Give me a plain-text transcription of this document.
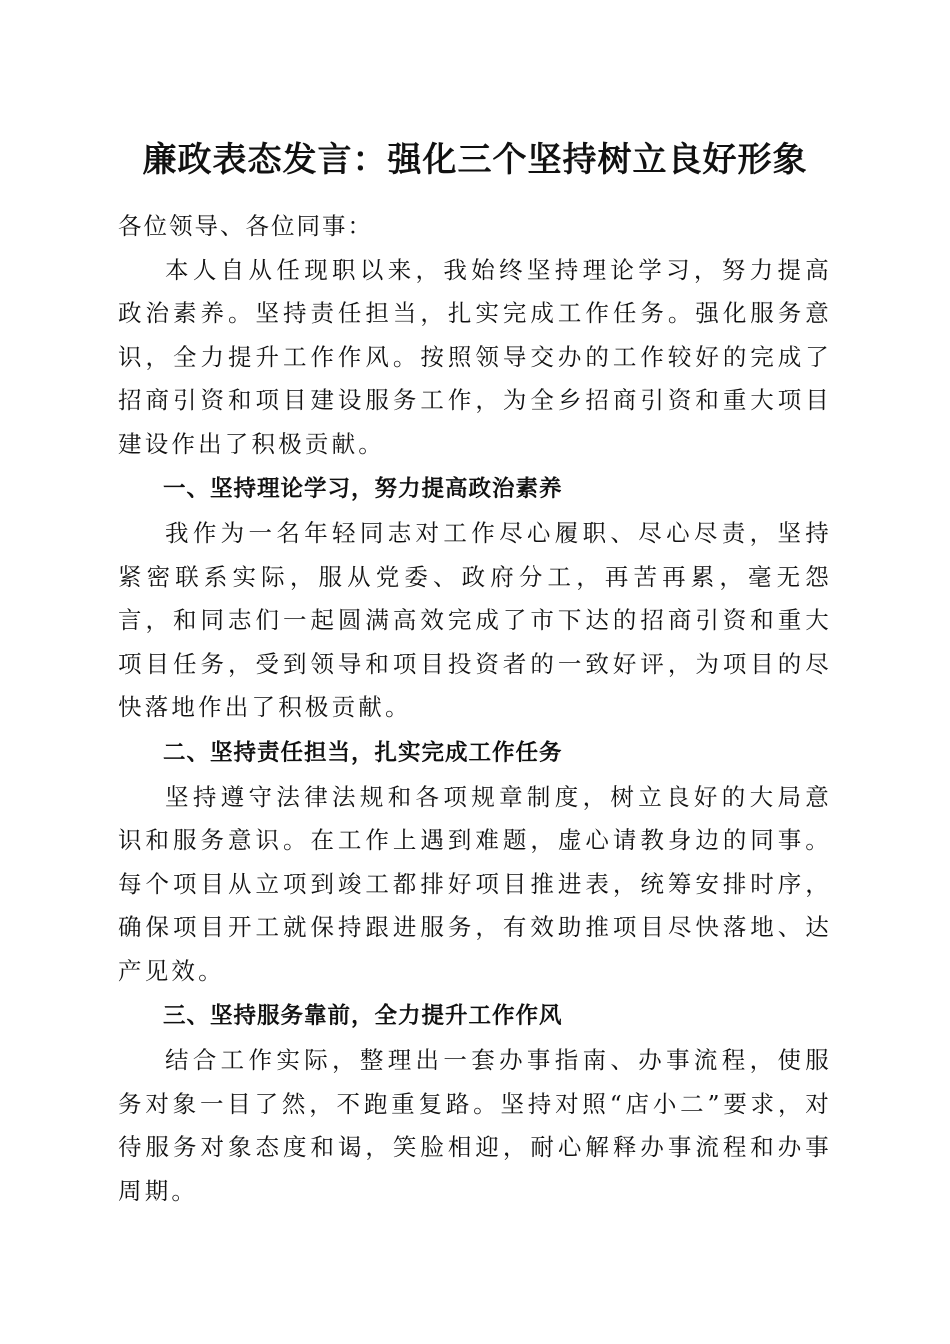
廉政表态发言：强化三个坚持树立良好形象

各位领导、各位同事：

本人自从任现职以来，我始终坚持理论学习，努力提高政治素养。坚持责任担当，扎实完成工作任务。强化服务意识，全力提升工作作风。按照领导交办的工作较好的完成了招商引资和项目建设服务工作，为全乡招商引资和重大项目建设作出了积极贡献。

一、坚持理论学习，努力提高政治素养

我作为一名年轻同志对工作尽心履职、尽心尽责，坚持紧密联系实际，服从党委、政府分工，再苦再累，毫无怨言，和同志们一起圆满高效完成了市下达的招商引资和重大项目任务，受到领导和项目投资者的一致好评，为项目的尽快落地作出了积极贡献。

二、坚持责任担当，扎实完成工作任务

坚持遵守法律法规和各项规章制度，树立良好的大局意识和服务意识。在工作上遇到难题，虚心请教身边的同事。每个项目从立项到竣工都排好项目推进表，统筹安排时序，确保项目开工就保持跟进服务，有效助推项目尽快落地、达产见效。

三、坚持服务靠前，全力提升工作作风

结合工作实际，整理出一套办事指南、办事流程，使服务对象一目了然，不跑重复路。坚持对照“店小二”要求，对待服务对象态度和谒，笑脸相迎，耐心解释办事流程和办事周期。
